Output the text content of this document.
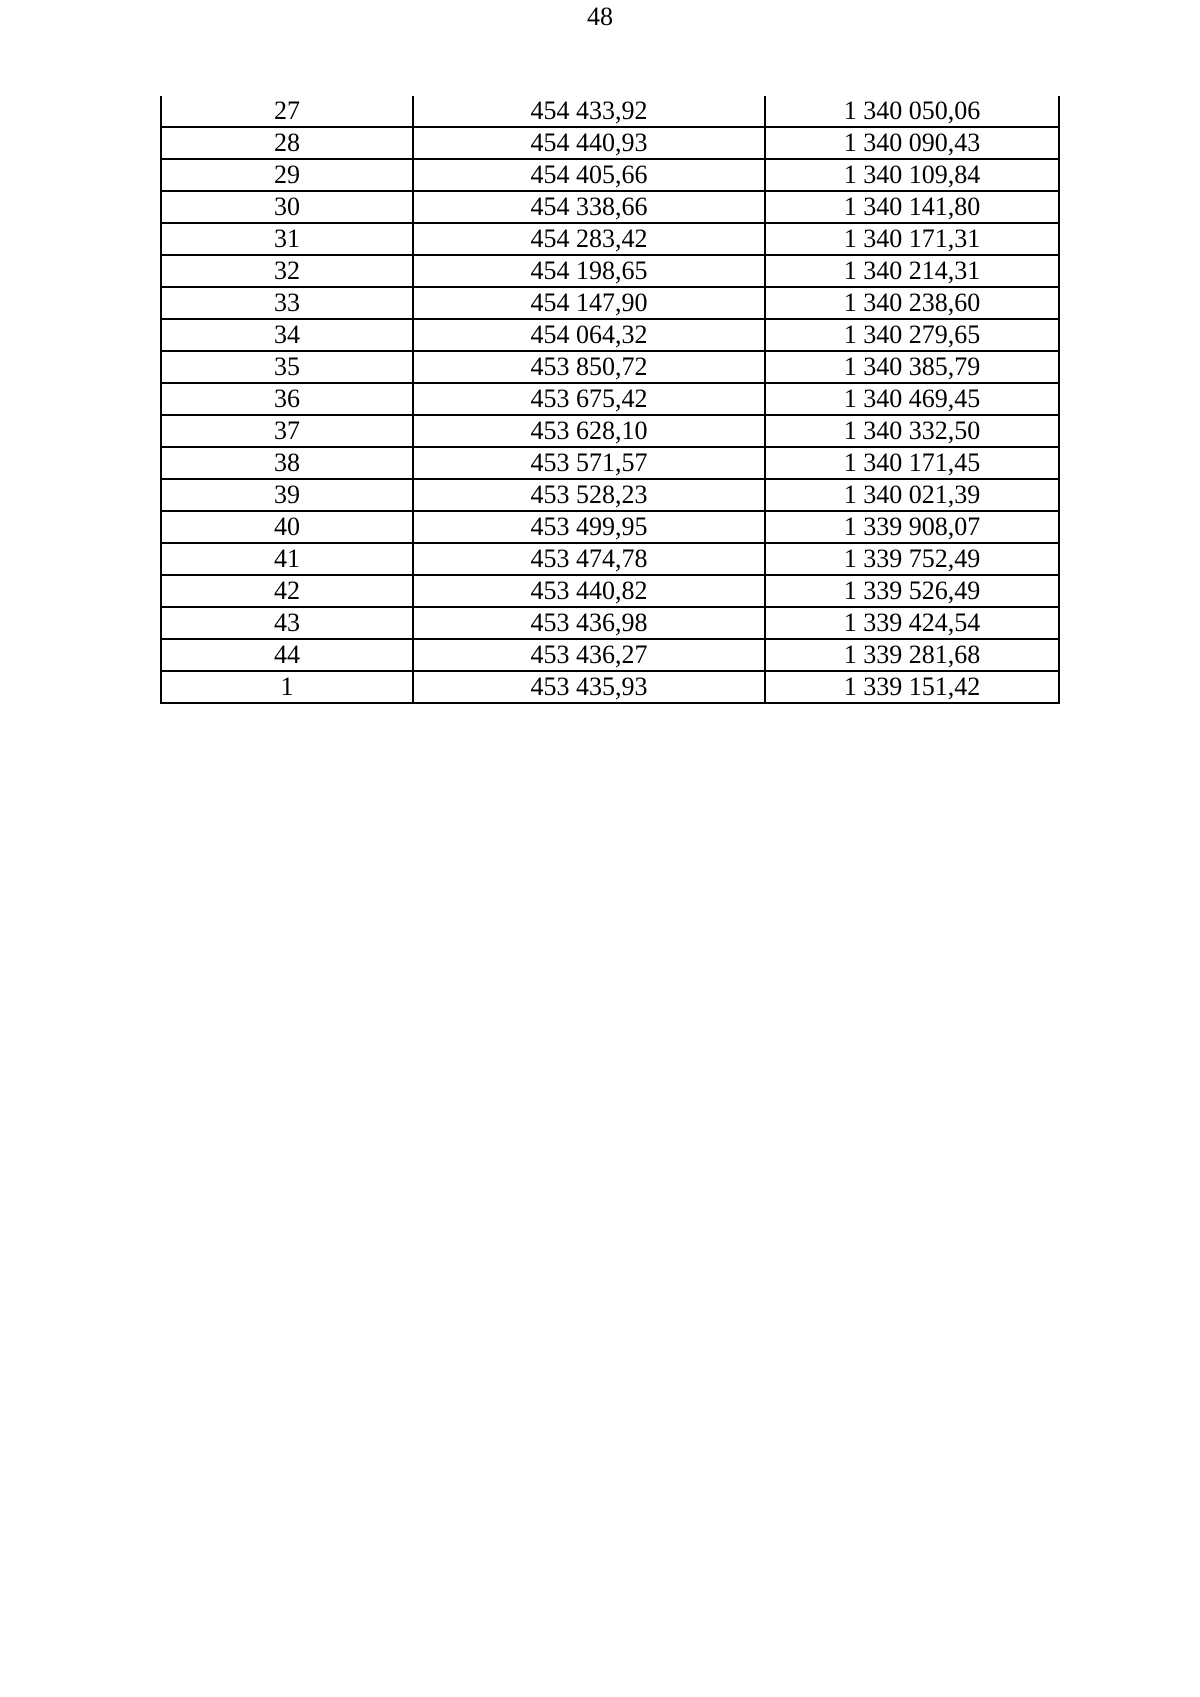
48
27	454 433,92	1 340 050,06
28	454 440,93	1 340 090,43
29	454 405,66	1 340 109,84
30	454 338,66	1 340 141,80
31	454 283,42	1 340 171,31
32	454 198,65	1 340 214,31
33	454 147,90	1 340 238,60
34	454 064,32	1 340 279,65
35	453 850,72	1 340 385,79
36	453 675,42	1 340 469,45
37	453 628,10	1 340 332,50
38	453 571,57	1 340 171,45
39	453 528,23	1 340 021,39
40	453 499,95	1 339 908,07
41	453 474,78	1 339 752,49
42	453 440,82	1 339 526,49
43	453 436,98	1 339 424,54
44	453 436,27	1 339 281,68
1	453 435,93	1 339 151,42
